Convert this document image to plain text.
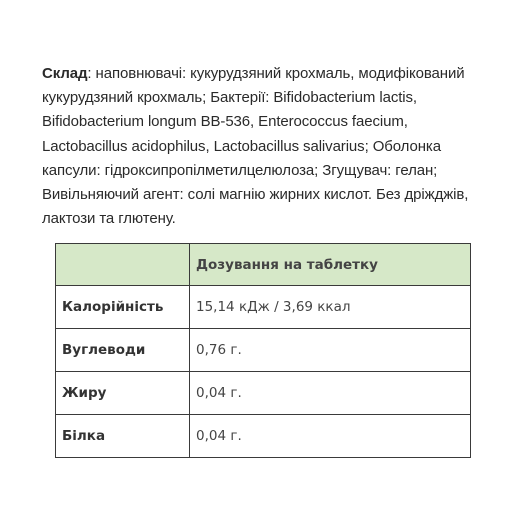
Склад: наповнювачі: кукурудзяний крохмаль, модифікований кукурудзяний крохмаль; Бактерії: Bifidobacterium lactis, Bifidobacterium longum BB-536, Enterococcus faecium, Lactobacillus acidophilus, Lactobacillus salivarius; Оболонка капсули: гідроксипропілметилцелюлоза; Згущувач: гелан; Вивільняючий агент: солі магнію жирних кислот. Без дріжджів, лактози та глютену.
	Дозування на таблетку
Калорійність	15,14 кДж / 3,69 ккал
Вуглеводи	0,76 г.
Жиру	0,04 г.
Білка	0,04 г.
